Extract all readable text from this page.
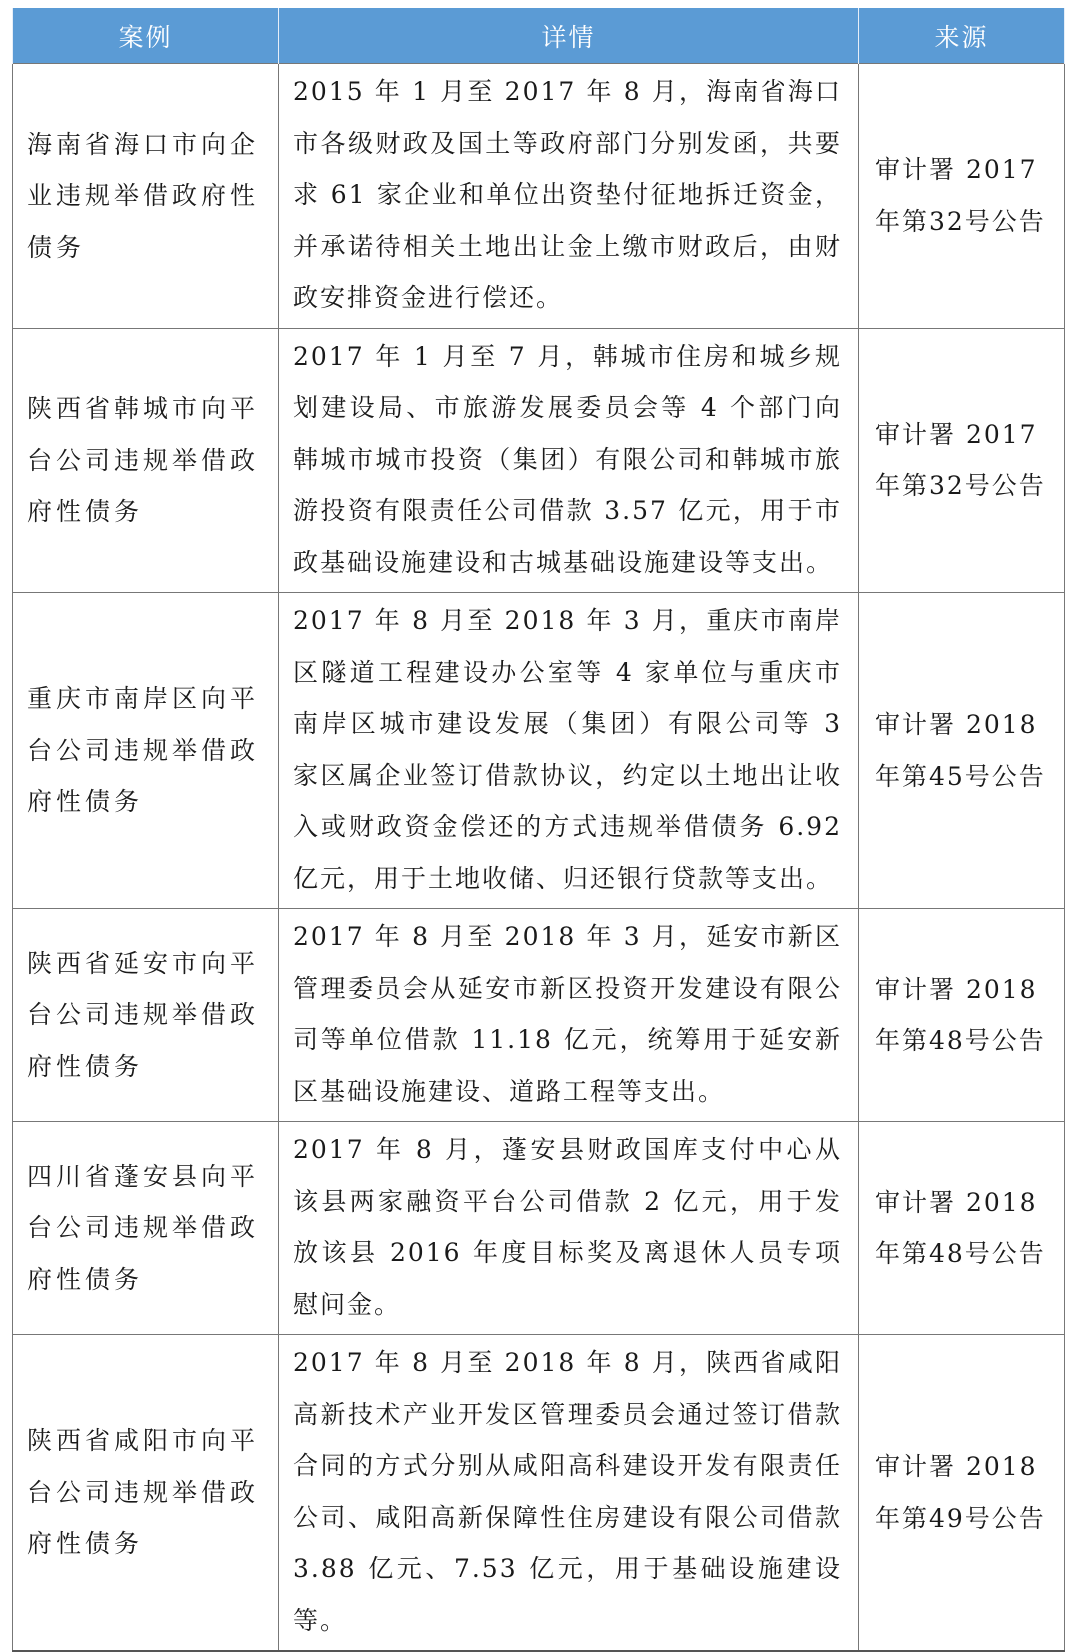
案例	详情	来源
海南省海口市向企业违规举借政府性债务	2015 年 1 月至 2017 年 8 月，海南省海口市各级财政及国土等政府部门分别发函，共要求 61 家企业和单位出资垫付征地拆迁资金，并承诺待相关土地出让金上缴市财政后，由财政安排资金进行偿还。	审计署 2017 年第32号公告
陕西省韩城市向平台公司违规举借政府性债务	2017 年 1 月至 7 月，韩城市住房和城乡规划建设局、市旅游发展委员会等 4 个部门向韩城市城市投资（集团）有限公司和韩城市旅游投资有限责任公司借款 3.57 亿元，用于市政基础设施建设和古城基础设施建设等支出。	审计署 2017 年第32号公告
重庆市南岸区向平台公司违规举借政府性债务	2017 年 8 月至 2018 年 3 月，重庆市南岸区隧道工程建设办公室等 4 家单位与重庆市南岸区城市建设发展（集团）有限公司等 3 家区属企业签订借款协议，约定以土地出让收入或财政资金偿还的方式违规举借债务 6.92 亿元，用于土地收储、归还银行贷款等支出。	审计署 2018 年第45号公告
陕西省延安市向平台公司违规举借政府性债务	2017 年 8 月至 2018 年 3 月，延安市新区管理委员会从延安市新区投资开发建设有限公司等单位借款 11.18 亿元，统筹用于延安新区基础设施建设、道路工程等支出。	审计署 2018 年第48号公告
四川省蓬安县向平台公司违规举借政府性债务	2017 年 8 月，蓬安县财政国库支付中心从该县两家融资平台公司借款 2 亿元，用于发放该县 2016 年度目标奖及离退休人员专项慰问金。	审计署 2018 年第48号公告
陕西省咸阳市向平台公司违规举借政府性债务	2017 年 8 月至 2018 年 8 月，陕西省咸阳高新技术产业开发区管理委员会通过签订借款合同的方式分别从咸阳高科建设开发有限责任公司、咸阳高新保障性住房建设有限公司借款 3.88 亿元、7.53 亿元，用于基础设施建设等。	审计署 2018 年第49号公告
